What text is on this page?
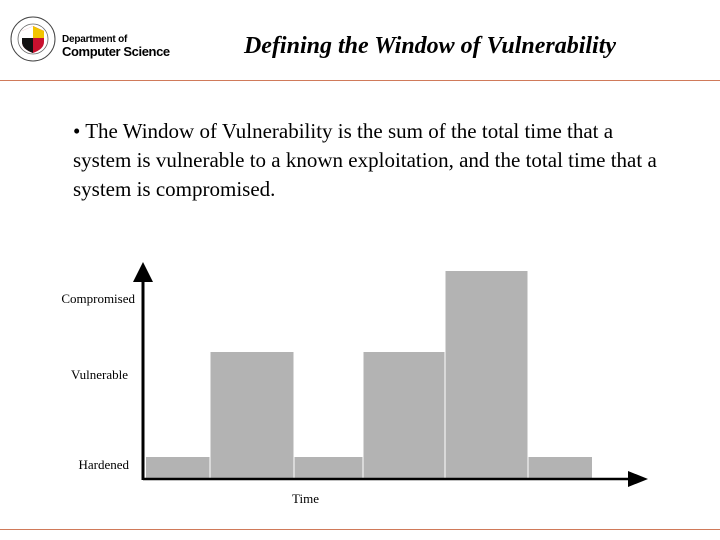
Department of
Computer Science	Defining the Window of Vulnerability
• The Window of Vulnerability is the sum of the total time that a system is vulnerable to a known exploitation, and the total time that a system is compromised.
Compromised
Vulnerable
Hardened
Time
